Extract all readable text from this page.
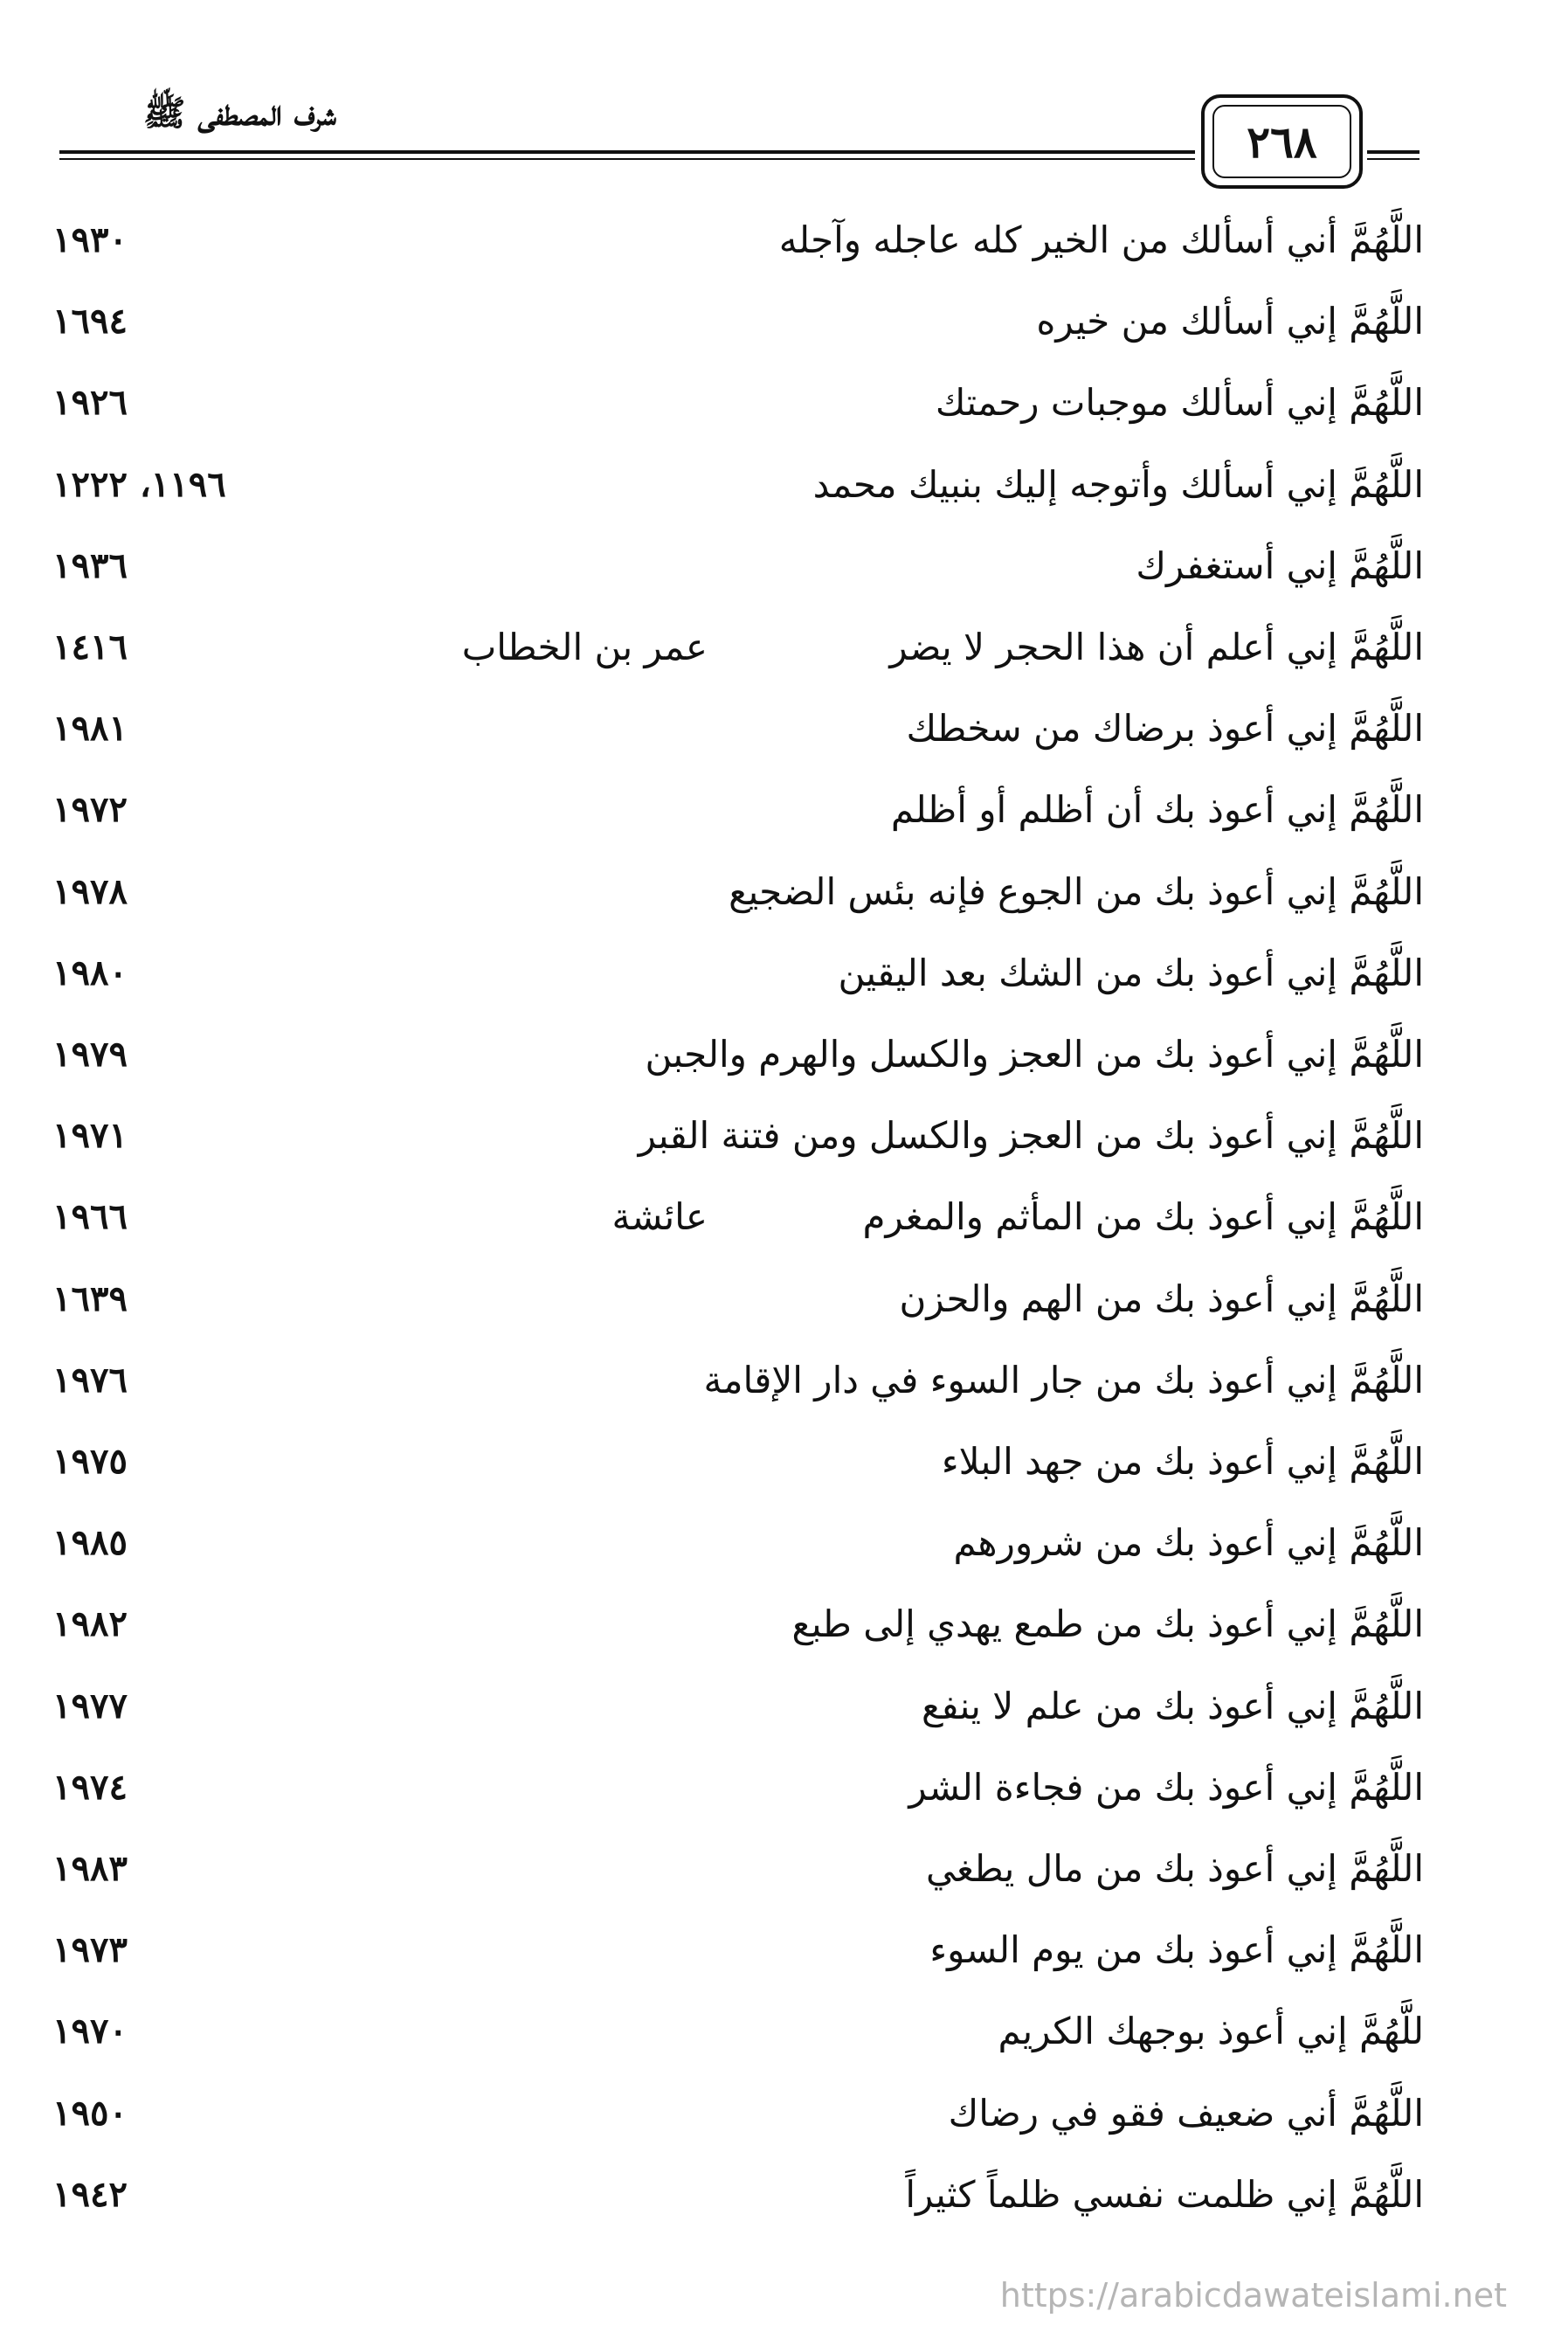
شرف المصطفى ﷺ
٢٦٨
اللَّهُمَّ أني أسألك من الخير كله عاجله وآجله
١٩٣٠
اللَّهُمَّ إني أسألك من خيره
١٦٩٤
اللَّهُمَّ إني أسألك موجبات رحمتك
١٩٢٦
اللَّهُمَّ إني أسألك وأتوجه إليك بنبيك محمد
١١٩٦، ١٢٢٢
اللَّهُمَّ إني أستغفرك
١٩٣٦
اللَّهُمَّ إني أعلم أن هذا الحجر لا يضر
عمر بن الخطاب
١٤١٦
اللَّهُمَّ إني أعوذ برضاك من سخطك
١٩٨١
اللَّهُمَّ إني أعوذ بك أن أظلم أو أظلم
١٩٧٢
اللَّهُمَّ إني أعوذ بك من الجوع فإنه بئس الضجيع
١٩٧٨
اللَّهُمَّ إني أعوذ بك من الشك بعد اليقين
١٩٨٠
اللَّهُمَّ إني أعوذ بك من العجز والكسل والهرم والجبن
١٩٧٩
اللَّهُمَّ إني أعوذ بك من العجز والكسل ومن فتنة القبر
١٩٧١
اللَّهُمَّ إني أعوذ بك من المأثم والمغرم
عائشة
١٩٦٦
اللَّهُمَّ إني أعوذ بك من الهم والحزن
١٦٣٩
اللَّهُمَّ إني أعوذ بك من جار السوء في دار الإقامة
١٩٧٦
اللَّهُمَّ إني أعوذ بك من جهد البلاء
١٩٧٥
اللَّهُمَّ إني أعوذ بك من شرورهم
١٩٨٥
اللَّهُمَّ إني أعوذ بك من طمع يهدي إلى طبع
١٩٨٢
اللَّهُمَّ إني أعوذ بك من علم لا ينفع
١٩٧٧
اللَّهُمَّ إني أعوذ بك من فجاءة الشر
١٩٧٤
اللَّهُمَّ إني أعوذ بك من مال يطغي
١٩٨٣
اللَّهُمَّ إني أعوذ بك من يوم السوء
١٩٧٣
للَّهُمَّ إني أعوذ بوجهك الكريم
١٩٧٠
اللَّهُمَّ أني ضعيف فقو في رضاك
١٩٥٠
اللَّهُمَّ إني ظلمت نفسي ظلماً كثيراً
١٩٤٢
https://arabicdawateislami.net
